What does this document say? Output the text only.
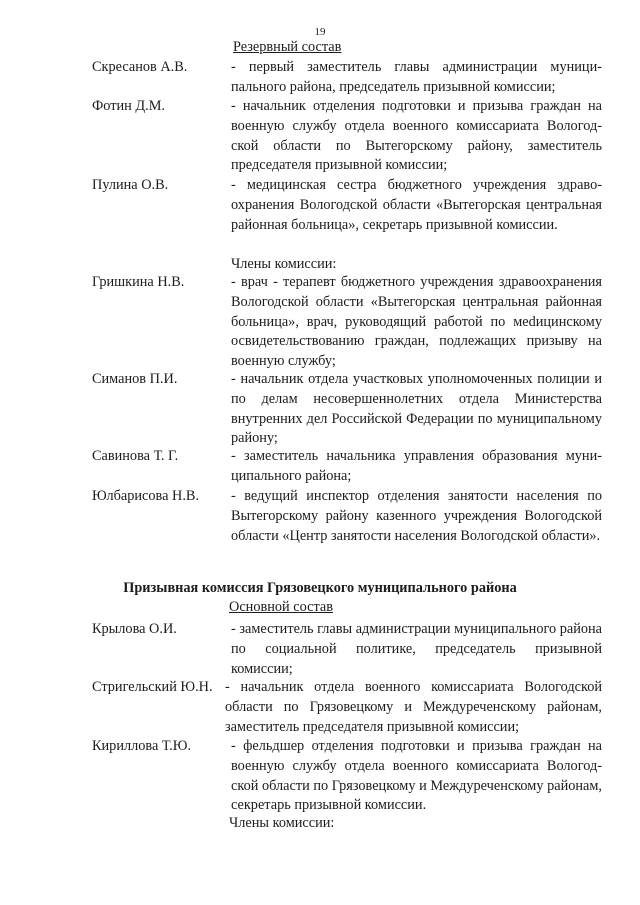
19
Резервный состав
Скресанов А.В.	- первый заместитель главы администрации муниципального района, председатель призывной комиссии;
Фотин Д.М.	- начальник отделения подготовки и призыва граждан на военную службу отдела военного комиссариата Вологодской области по Вытегорскому району, заместитель председателя призывной комиссии;
Пулина О.В.	- медицинская сестра бюджетного учреждения здравоохранения Вологодской области «Вытегорская центральная районная больница», секретарь призывной комиссии.
Члены комиссии:
Гришкина Н.В.	- врач - терапевт бюджетного учреждения здравоохранения Вологодской области «Вытегорская центральная районная больница», врач, руководящий работой по меdицинскому освидетельствованию граждан, подлежащих призыву на военную службу;
Симанов П.И.	- начальник отдела участковых уполномоченных полиции и по делам несовершеннолетних отдела Министерства внутренних дел Российской Федерации по муниципальному району;
Савинова Т. Г.	- заместитель начальника управления образования муниципального района;
Юлбарисова Н.В. - ведущий инспектор отделения занятости населения по Вытегорскому району казенного учреждения Вологодской области «Центр занятости населения Вологодской области».
Призывная комиссия Грязовецкого муниципального района
Основной состав
Крылова О.И.	- заместитель главы администрации муниципального района по социальной политике, председатель призывной комиссии;
Стригельский Ю.Н. - начальник отдела военного комиссариата Вологодской области по Грязовецкому и Междуреченскому районам, заместитель председателя призывной комиссии;
Кириллова Т.Ю.	- фельдшер отделения подготовки и призыва граждан на военную службу отдела военного комиссариата Вологодской области по Грязовецкому и Междуреченскому районам, секретарь призывной комиссии.
Члены комиссии:
